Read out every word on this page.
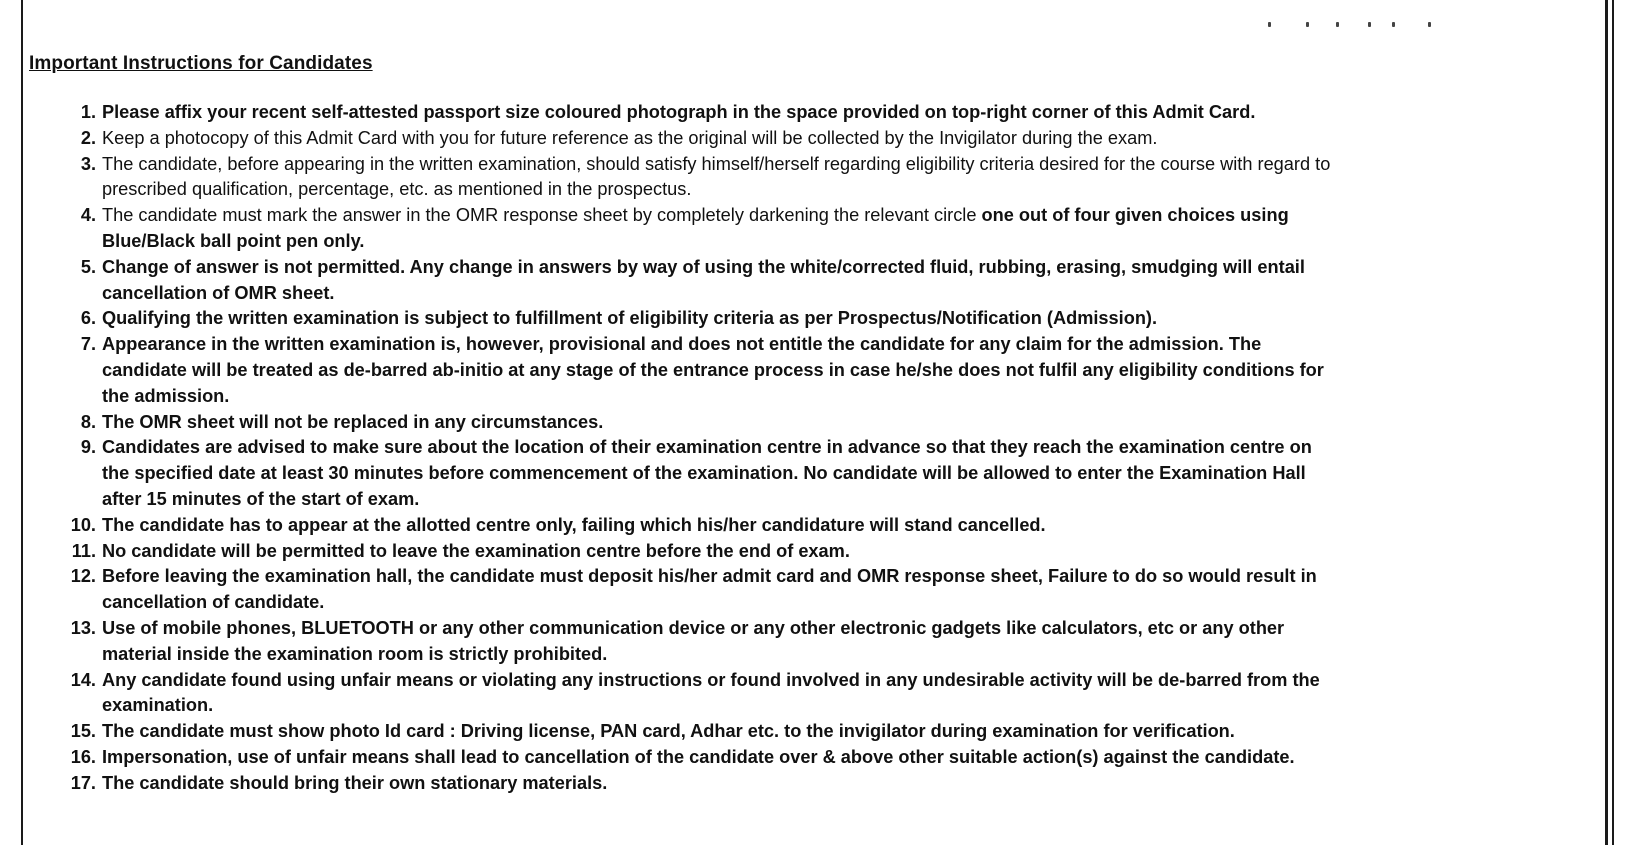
Important Instructions for Candidates
1. Please affix your recent self-attested passport size coloured photograph in the space provided on top-right corner of this Admit Card.
2. Keep a photocopy of this Admit Card with you for future reference as the original will be collected by the Invigilator during the exam.
3. The candidate, before appearing in the written examination, should satisfy himself/herself regarding eligibility criteria desired for the course with regard to
prescribed qualification, percentage, etc. as mentioned in the prospectus.
4. The candidate must mark the answer in the OMR response sheet by completely darkening the relevant circle one out of four given choices using
Blue/Black ball point pen only.
5. Change of answer is not permitted. Any change in answers by way of using the white/corrected fluid, rubbing, erasing, smudging will entail
cancellation of OMR sheet.
6. Qualifying the written examination is subject to fulfillment of eligibility criteria as per Prospectus/Notification (Admission).
7. Appearance in the written examination is, however, provisional and does not entitle the candidate for any claim for the admission. The
candidate will be treated as de-barred ab-initio at any stage of the entrance process in case he/she does not fulfil any eligibility conditions for
the admission.
8. The OMR sheet will not be replaced in any circumstances.
9. Candidates are advised to make sure about the location of their examination centre in advance so that they reach the examination centre on
the specified date at least 30 minutes before commencement of the examination. No candidate will be allowed to enter the Examination Hall
after 15 minutes of the start of exam.
10. The candidate has to appear at the allotted centre only, failing which his/her candidature will stand cancelled.
11. No candidate will be permitted to leave the examination centre before the end of exam.
12. Before leaving the examination hall, the candidate must deposit his/her admit card and OMR response sheet, Failure to do so would result in
cancellation of candidate.
13. Use of mobile phones, BLUETOOTH or any other communication device or any other electronic gadgets like calculators, etc or any other
material inside the examination room is strictly prohibited.
14. Any candidate found using unfair means or violating any instructions or found involved in any undesirable activity will be de-barred from the
examination.
15. The candidate must show photo Id card : Driving license, PAN card, Adhar etc. to the invigilator during examination for verification.
16. Impersonation, use of unfair means shall lead to cancellation of the candidate over & above other suitable action(s) against the candidate.
17. The candidate should bring their own stationary materials.
